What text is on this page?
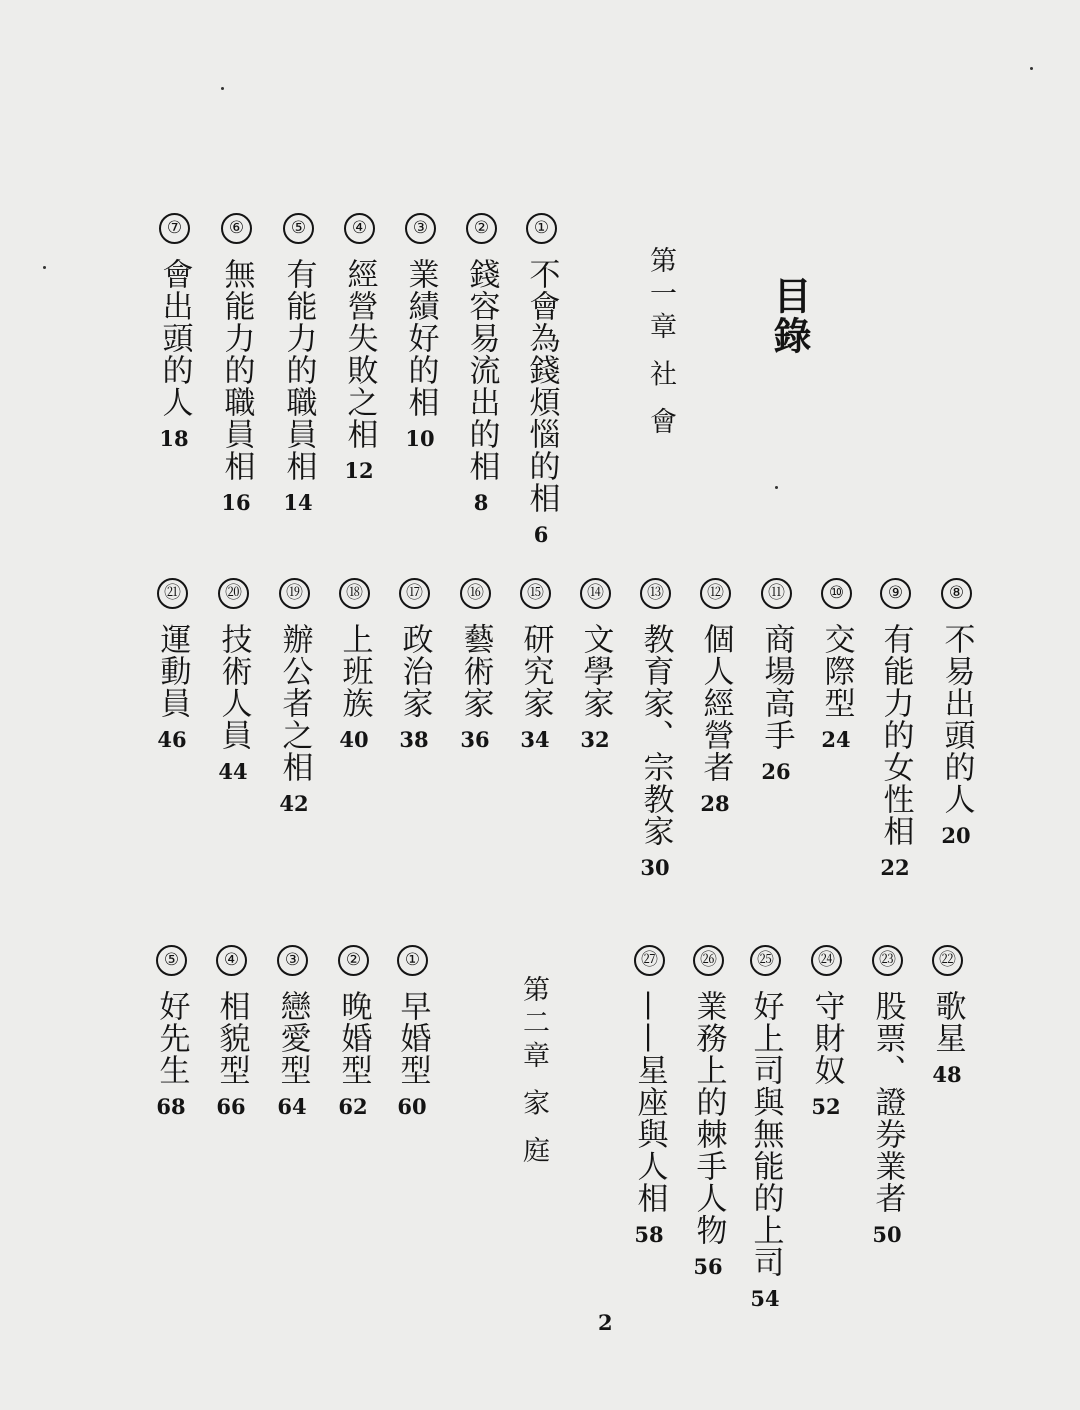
目錄
第一章 社 會
第二章 家 庭
①
不會為錢煩惱的相
6
②
錢容易流出的相
8
③
業績好的相
10
④
經營失敗之相
12
⑤
有能力的職員相
14
⑥
無能力的職員相
16
⑦
會出頭的人
18
⑧
不易出頭的人
20
⑨
有能力的女性相
22
⑩
交際型
24
⑪
商場高手
26
⑫
個人經營者
28
⑬
教育家、宗教家
30
⑭
文學家
32
⑮
研究家
34
⑯
藝術家
36
⑰
政治家
38
⑱
上班族
40
⑲
辦公者之相
42
⑳
技術人員
44
㉑
運動員
46
㉒
歌星
48
㉓
股票、證券業者
50
㉔
守財奴
52
㉕
好上司與無能的上司
54
㉖
業務上的棘手人物
56
㉗
——星座與人相
58
①
早婚型
60
②
晚婚型
62
③
戀愛型
64
④
相貌型
66
⑤
好先生
68
2
